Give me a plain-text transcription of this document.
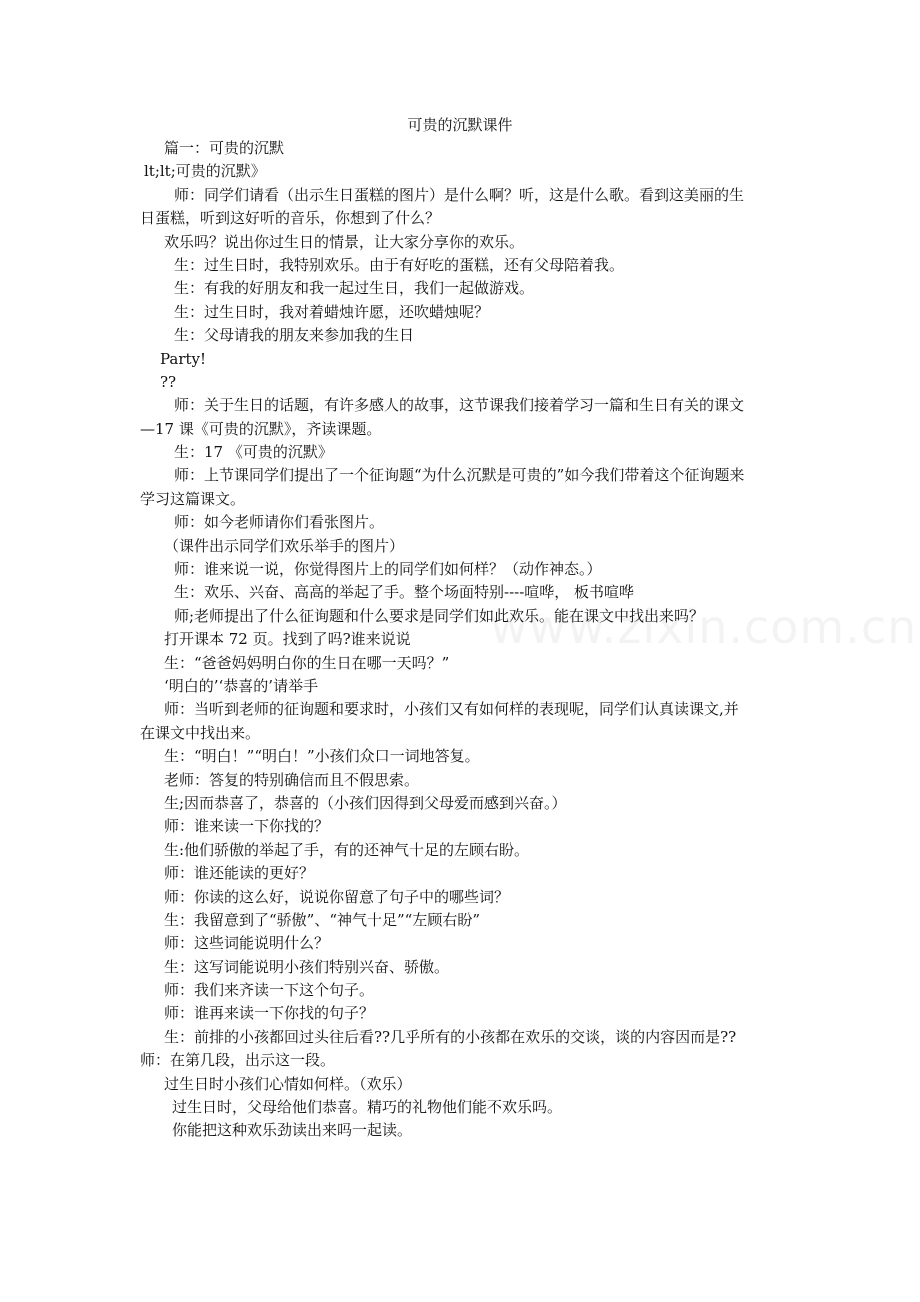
可贵的沉默课件
篇一：可贵的沉默
lt;lt;可贵的沉默》
师：同学们请看（出示生日蛋糕的图片）是什么啊？听，这是什么歌。看到这美丽的生
日蛋糕，听到这好听的音乐，你想到了什么？
欢乐吗？说出你过生日的情景，让大家分享你的欢乐。
生：过生日时，我特别欢乐。由于有好吃的蛋糕，还有父母陪着我。
生：有我的好朋友和我一起过生日，我们一起做游戏。
生：过生日时，我对着蜡烛许愿，还吹蜡烛呢？
生：父母请我的朋友来参加我的生日
Party!
??
师：关于生日的话题，有许多感人的故事，这节课我们接着学习一篇和生日有关的课文
—17 课《可贵的沉默》，齐读课题。
生：17 《可贵的沉默》
师：上节课同学们提出了一个征询题“为什么沉默是可贵的”如今我们带着这个征询题来
学习这篇课文。
师：如今老师请你们看张图片。
（课件出示同学们欢乐举手的图片）
师：谁来说一说，你觉得图片上的同学们如何样？（动作神态。）
生：欢乐、兴奋、高高的举起了手。整个场面特别----喧哗， 板书喧哗
师;老师提出了什么征询题和什么要求是同学们如此欢乐。能在课文中找出来吗？
打开课本 72 页。找到了吗?谁来说说
生：“爸爸妈妈明白你的生日在哪一天吗？”
‘明白的’‘恭喜的’请举手
师：当听到老师的征询题和要求时，小孩们又有如何样的表现呢，同学们认真读课文,并
在课文中找出来。
生：“明白！”“明白！”小孩们众口一词地答复。
老师：答复的特别确信而且不假思索。
生;因而恭喜了，恭喜的（小孩们因得到父母爱而感到兴奋。）
师：谁来读一下你找的？
生:他们骄傲的举起了手，有的还神气十足的左顾右盼。
师：谁还能读的更好？
师：你读的这么好，说说你留意了句子中的哪些词？
生：我留意到了“骄傲”、“神气十足”“左顾右盼”
师：这些词能说明什么？
生：这写词能说明小孩们特别兴奋、骄傲。
师：我们来齐读一下这个句子。
师：谁再来读一下你找的句子？
生：前排的小孩都回过头往后看??几乎所有的小孩都在欢乐的交谈，谈的内容因而是??
师：在第几段，出示这一段。
过生日时小孩们心情如何样。（欢乐）
过生日时，父母给他们恭喜。精巧的礼物他们能不欢乐吗。
你能把这种欢乐劲读出来吗一起读。
